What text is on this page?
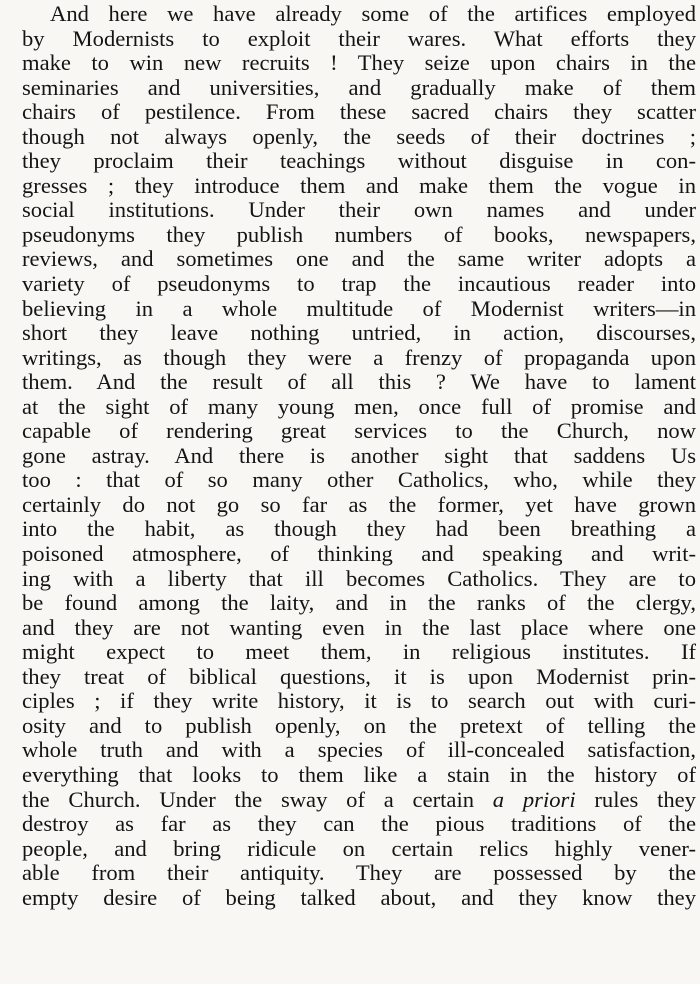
And here we have already some of the artifices employed
by Modernists to exploit their wares. What efforts they
make to win new recruits ! They seize upon chairs in the
seminaries and universities, and gradually make of them
chairs of pestilence. From these sacred chairs they scatter
though not always openly, the seeds of their doctrines ;
they proclaim their teachings without disguise in con-
gresses ; they introduce them and make them the vogue in
social institutions. Under their own names and under
pseudonyms they publish numbers of books, newspapers,
reviews, and sometimes one and the same writer adopts a
variety of pseudonyms to trap the incautious reader into
believing in a whole multitude of Modernist writers—in
short they leave nothing untried, in action, discourses,
writings, as though they were a frenzy of propaganda upon
them. And the result of all this ? We have to lament
at the sight of many young men, once full of promise and
capable of rendering great services to the Church, now
gone astray. And there is another sight that saddens Us
too : that of so many other Catholics, who, while they
certainly do not go so far as the former, yet have grown
into the habit, as though they had been breathing a
poisoned atmosphere, of thinking and speaking and writ-
ing with a liberty that ill becomes Catholics. They are to
be found among the laity, and in the ranks of the clergy,
and they are not wanting even in the last place where one
might expect to meet them, in religious institutes. If
they treat of biblical questions, it is upon Modernist prin-
ciples ; if they write history, it is to search out with curi-
osity and to publish openly, on the pretext of telling the
whole truth and with a species of ill-concealed satisfaction,
everything that looks to them like a stain in the history of
the Church. Under the sway of a certain a priori rules they
destroy as far as they can the pious traditions of the
people, and bring ridicule on certain relics highly vener-
able from their antiquity. They are possessed by the
empty desire of being talked about, and they know they
